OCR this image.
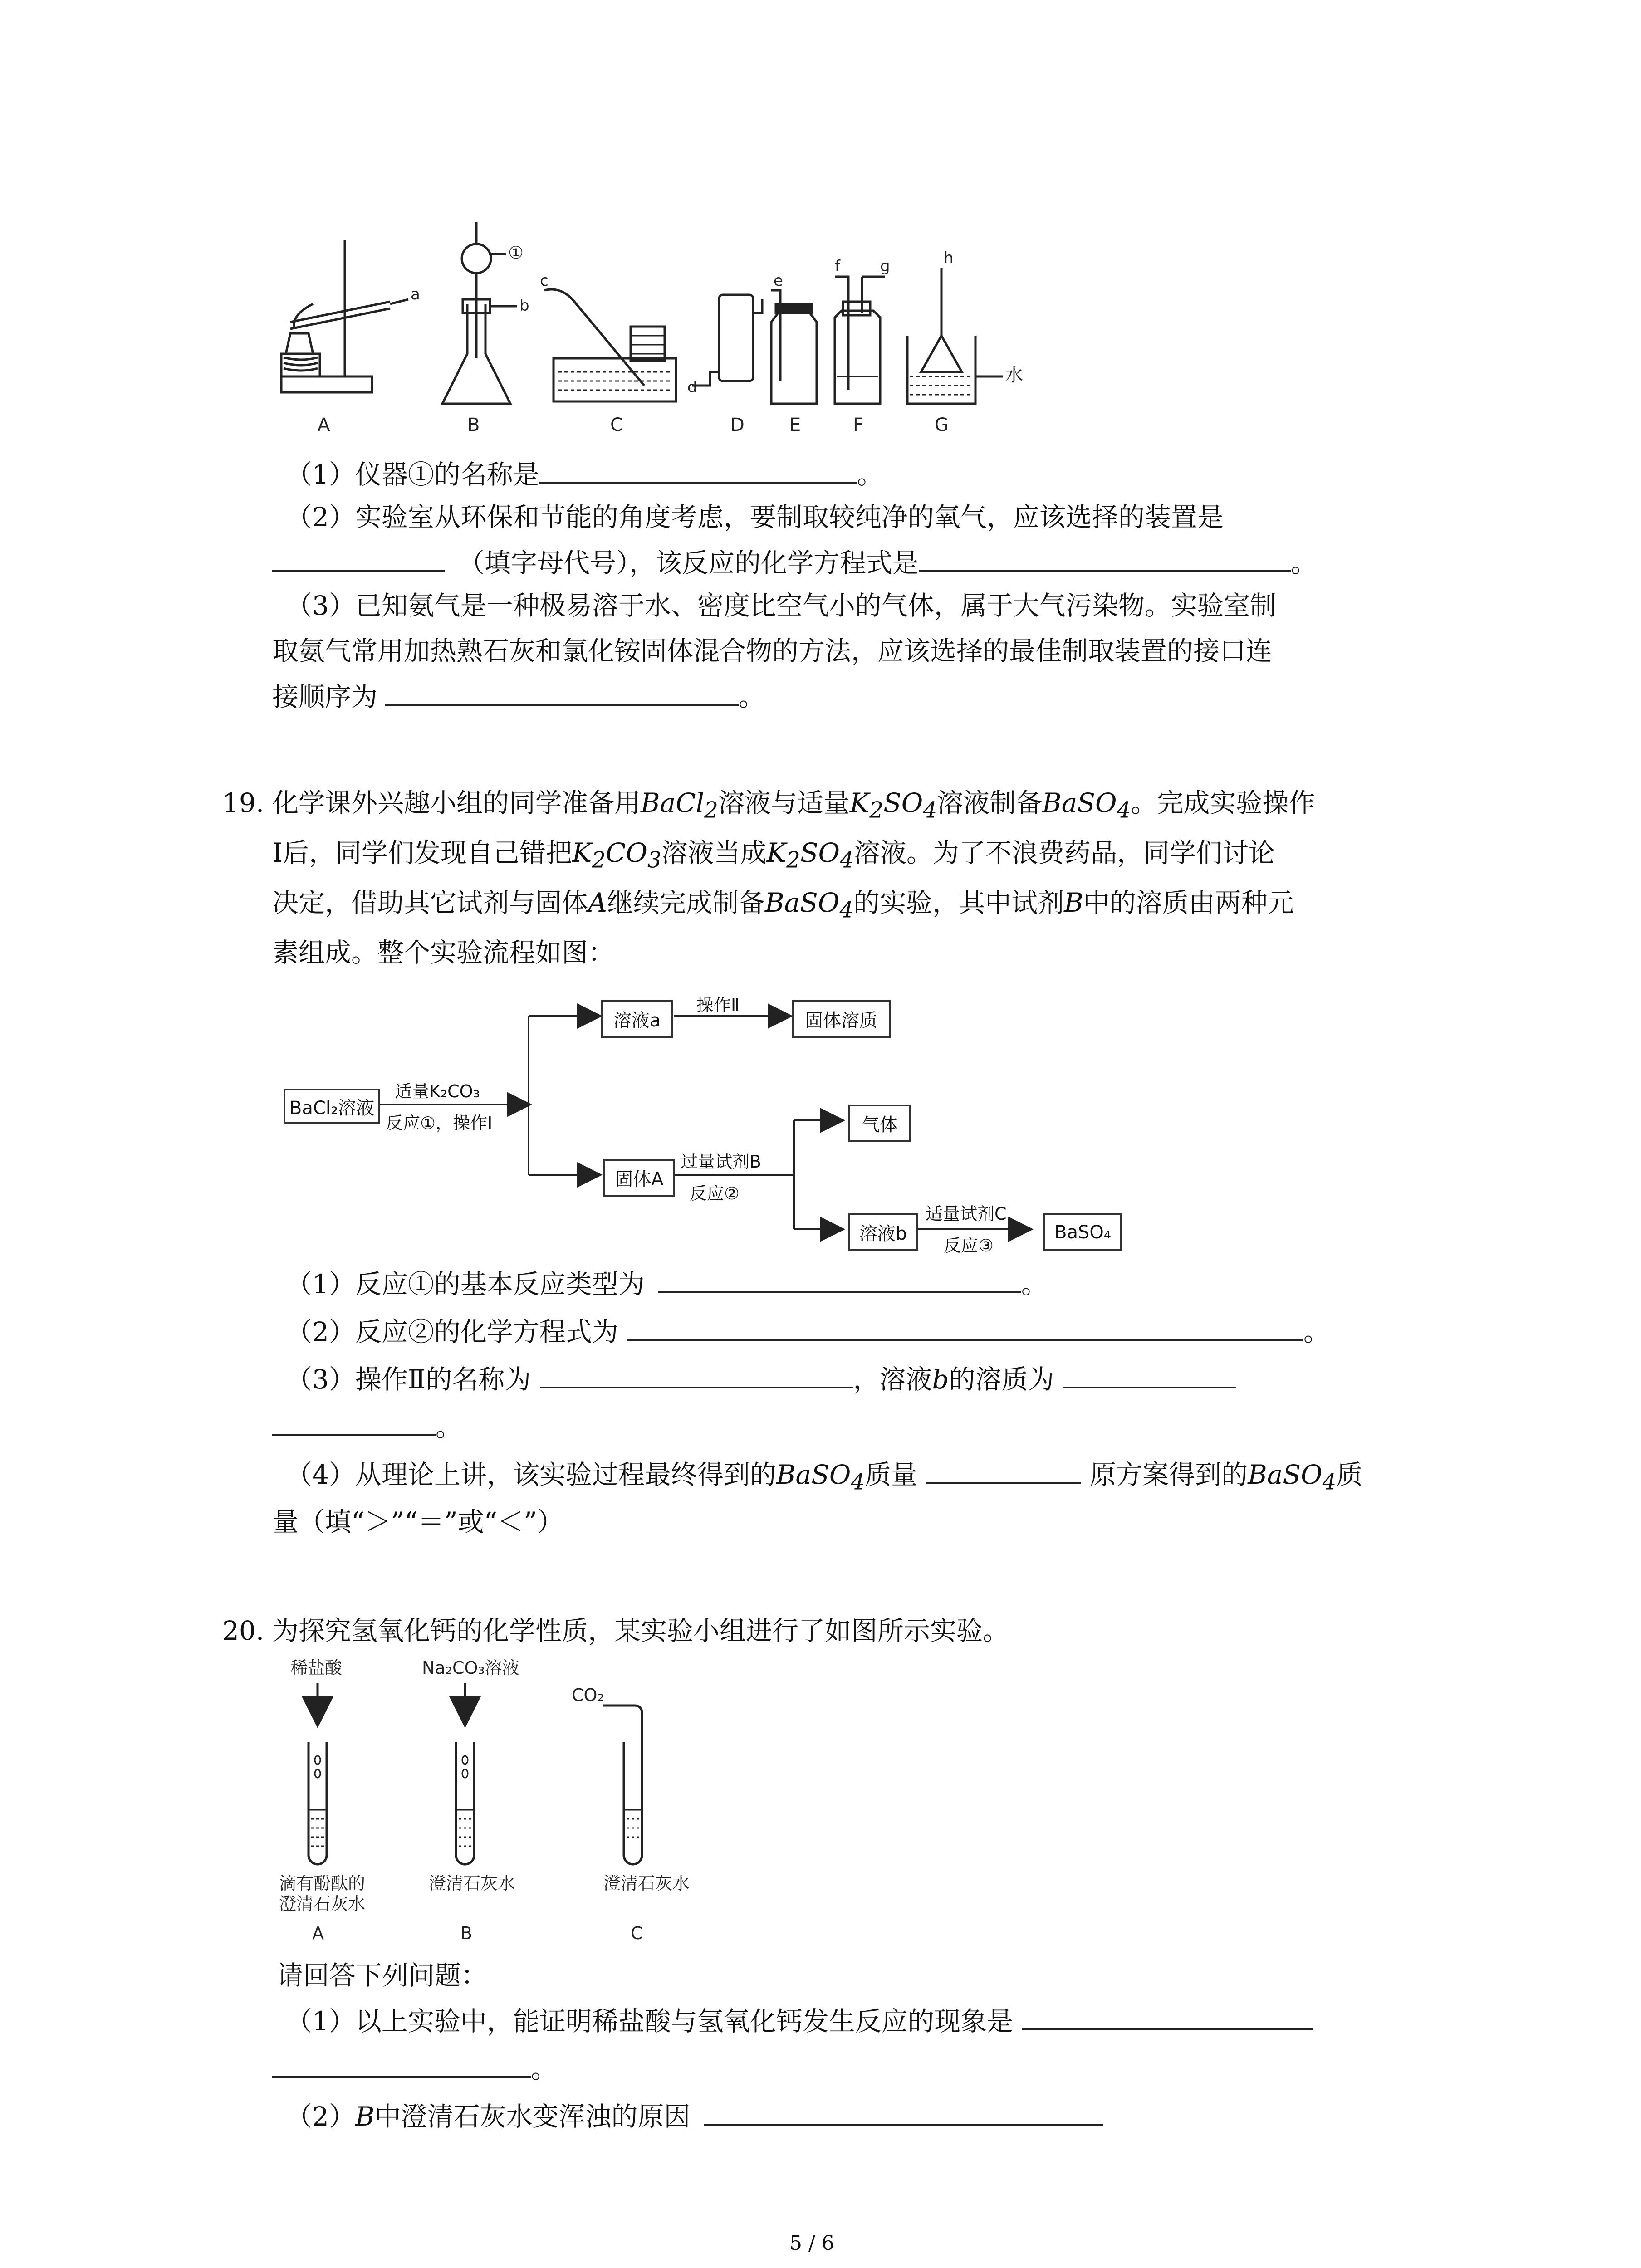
A	B	C	D E	F	G
a
b
c
d
e
f	g	h
①
水
（1）仪器①的名称是	。
（2）实验室从环保和节能的角度考虑，要制取较纯净的氧气，应该选择的装置是
（填字母代号），该反应的化学方程式是	。
（3）已知氨气是一种极易溶于水、密度比空气小的气体，属于大气污染物。实验室制
取氨气常用加热熟石灰和氯化铵固体混合物的方法，应该选择的最佳制取装置的接口连
接顺序为	。
19. 化学课外兴趣小组的同学准备用BaCl$_2$溶液与适量$K_2SO_4$溶液制备BaSO$_4$。完成实验操作
Ⅰ后，同学们发现自己错把$K_2CO_3$溶液当成$K_2SO_4$溶液。为了不浪费药品，同学们讨论
决定，借助其它试剂与固体A继续完成制备BaSO$_4$的实验，其中试剂B中的溶质由两种元
素组成。整个实验流程如图：
BaCl₂溶液
适量K₂CO₃
反应①，操作Ⅰ
溶液a
操作Ⅱ
固体溶质
固体A
过量试剂B
反应②
气体
溶液b
适量试剂C
反应③
BaSO₄
（1）反应①的基本反应类型为	。
（2）反应②的化学方程式为	。
（3）操作Ⅱ的名称为	，溶液b的溶质为
。
（4）从理论上讲，该实验过程最终得到的BaSO$_4$质量	原方案得到的BaSO$_4$质
量（填“＞”“＝”或“＜”）
20. 为探究氢氧化钙的化学性质，某实验小组进行了如图所示实验。
稀盐酸	Na₂CO₃溶液
CO₂
滴有酚酞的
澄清石灰水
澄清石灰水	澄清石灰水
A	B	C
请回答下列问题：
（1）以上实验中，能证明稀盐酸与氢氧化钙发生反应的现象是
。
（2）B中澄清石灰水变浑浊的原因
5 / 6
